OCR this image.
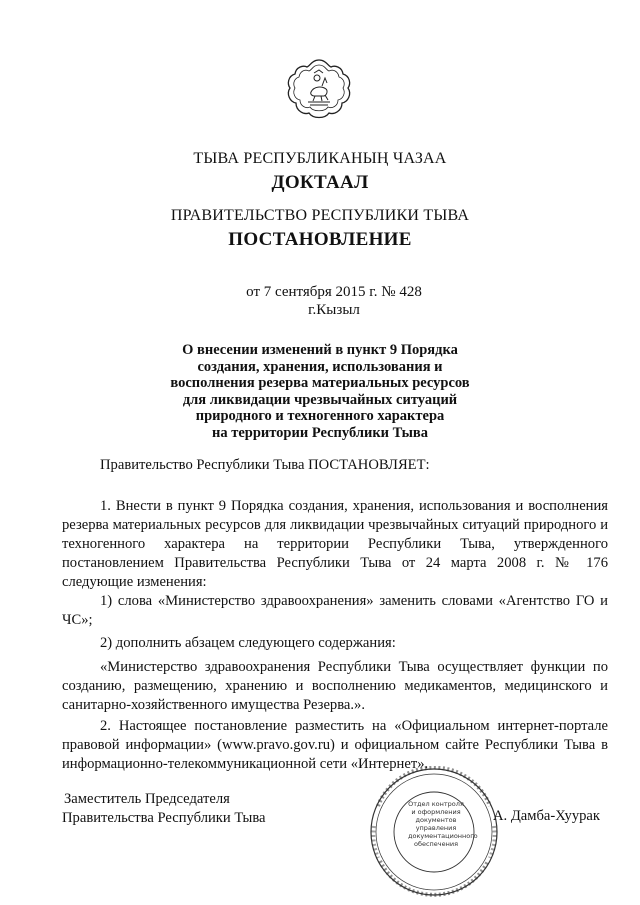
ТЫВА РЕСПУБЛИКАНЫҢ ЧАЗАА
ДОКТААЛ
ПРАВИТЕЛЬСТВО РЕСПУБЛИКИ ТЫВА
ПОСТАНОВЛЕНИЕ
от 7 сентября 2015 г. № 428
г.Кызыл
О внесении изменений в пункт 9 Порядка
создания, хранения, использования и
восполнения резерва материальных ресурсов
для ликвидации чрезвычайных ситуаций
природного и техногенного характера
на территории Республики Тыва
Правительство Республики Тыва ПОСТАНОВЛЯЕТ:
1. Внести в пункт 9 Порядка создания, хранения, использования и восполнения резерва материальных ресурсов для ликвидации чрезвычайных ситуаций природного и техногенного характера на территории Республики Тыва, утвержденного постановлением Правительства Республики Тыва от 24 марта 2008 г. № 176 следующие изменения:
1) слова «Министерство здравоохранения» заменить словами «Агентство ГО и ЧС»;
2) дополнить абзацем следующего содержания:
«Министерство здравоохранения Республики Тыва осуществляет функции по созданию, размещению, хранению и восполнению медикаментов, медицинского и санитарно-хозяйственного имущества Резерва.».
2. Настоящее постановление разместить на «Официальном интернет-портале правовой информации» (www.pravo.gov.ru) и официальном сайте Республики Тыва в информационно-телекоммуникационной сети «Интернет».
Заместитель Председателя
Правительства Республики Тыва
Отдел контроля и оформления документов управления документационного обеспечения
А. Дамба-Хуурак
